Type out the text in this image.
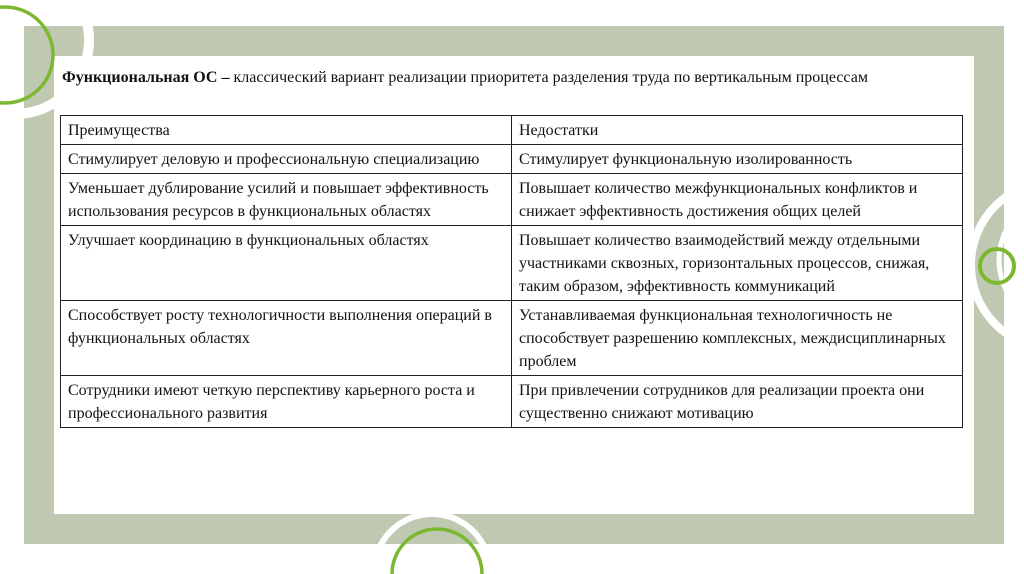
Функциональная ОС – классический вариант реализации приоритета разделения труда по вертикальным процессам

Преимущества	Недостатки
Стимулирует деловую и профессиональную специализацию	Стимулирует функциональную изолированность
Уменьшает дублирование усилий и повышает эффективность использования ресурсов в функциональных областях	Повышает количество межфункциональных конфликтов и снижает эффективность достижения общих целей
Улучшает координацию в функциональных областях	Повышает количество взаимодействий между отдельными участниками сквозных, горизонтальных процессов, снижая, таким образом, эффективность коммуникаций
Способствует росту технологичности выполнения операций в функциональных областях	Устанавливаемая функциональная технологичность не способствует разрешению комплексных, междисциплинарных проблем
Сотрудники имеют четкую перспективу карьерного роста и профессионального развития	При привлечении сотрудников для реализации проекта они существенно снижают мотивацию
